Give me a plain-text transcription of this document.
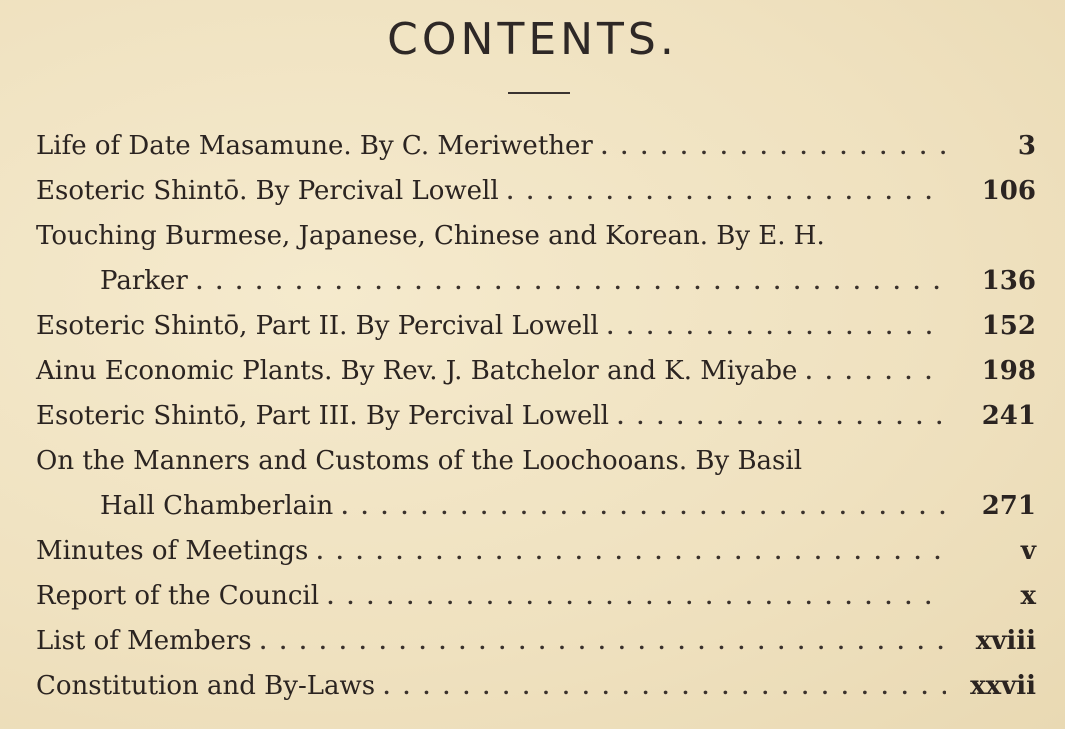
CONTENTS.
Life of Date Masamune. By C. Meriwether . . .	3
Esoteric Shintō. By Percival Lowell . . .	106
Touching Burmese, Japanese, Chinese and Korean. By E. H.
Parker . . .	136
Esoteric Shintō, Part II. By Percival Lowell . . .	152
Ainu Economic Plants. By Rev. J. Batchelor and K. Miyabe . . .	198
Esoteric Shintō, Part III. By Percival Lowell . . .	241
On the Manners and Customs of the Loochooans. By Basil
Hall Chamberlain . . .	271
Minutes of Meetings . . .	v
Report of the Council . . .	x
List of Members . . .	xviii
Constitution and By-Laws . . .	xxvii
